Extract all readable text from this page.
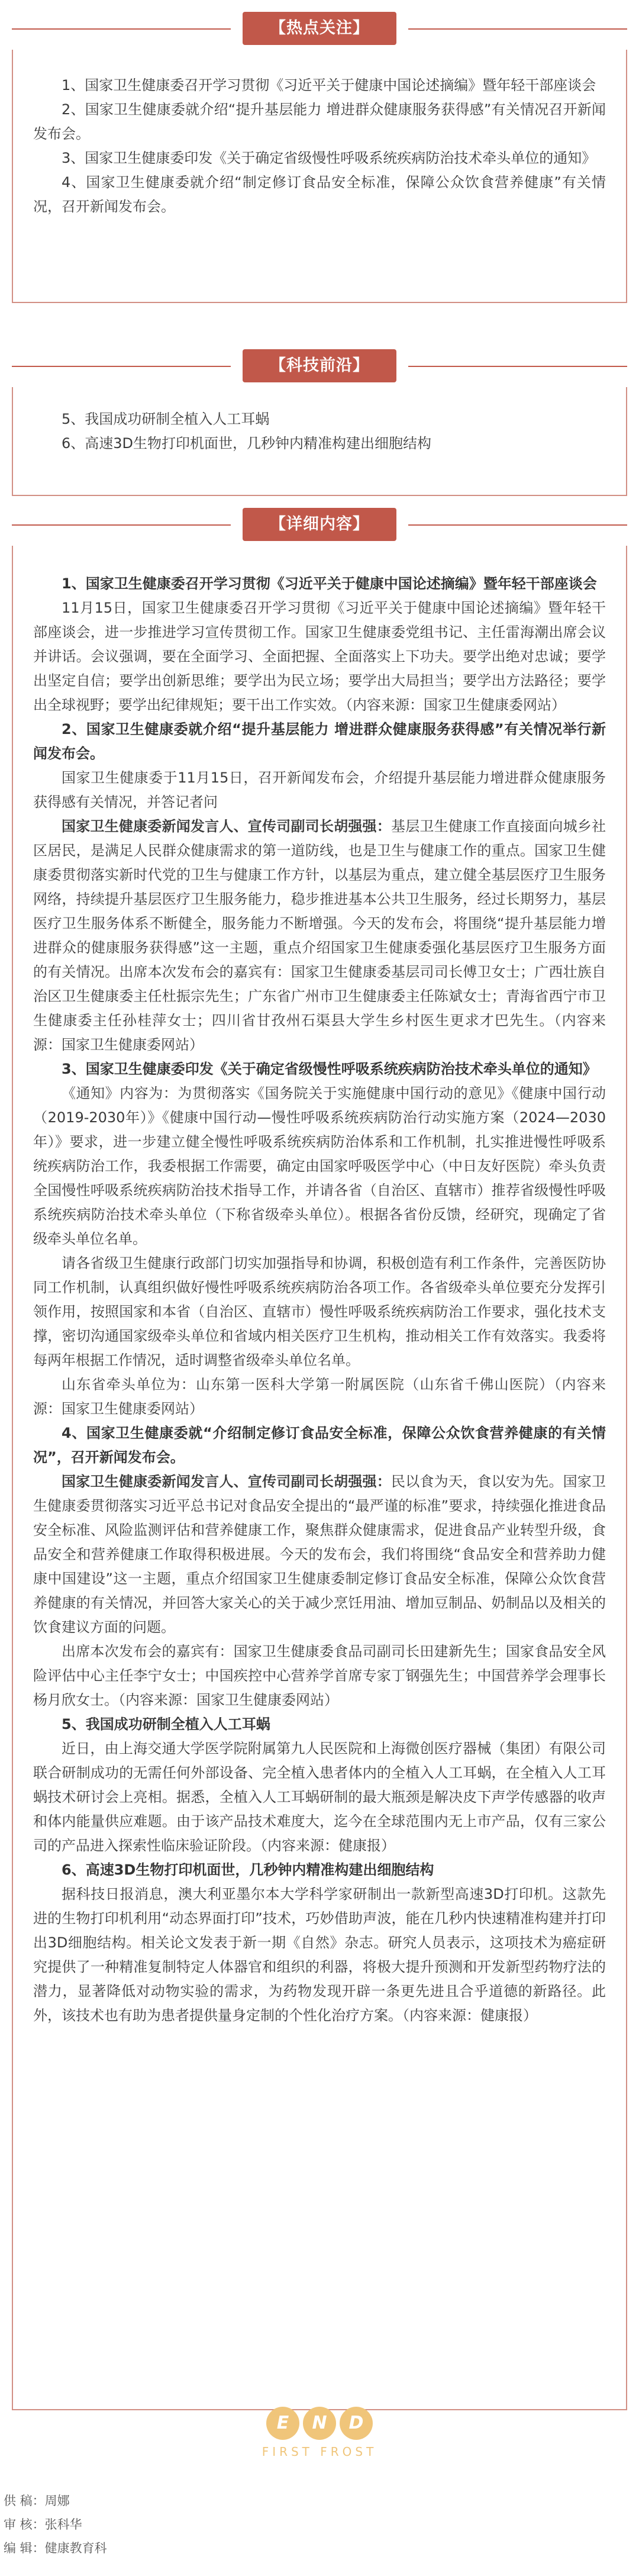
【热点关注】

1、国家卫生健康委召开学习贯彻《习近平关于健康中国论述摘编》暨年轻干部座谈会

2、国家卫生健康委就介绍“提升基层能力 增进群众健康服务获得感”有关情况召开新闻发布会。

3、国家卫生健康委印发《关于确定省级慢性呼吸系统疾病防治技术牵头单位的通知》

4、国家卫生健康委就介绍“制定修订食品安全标准，保障公众饮食营养健康”有关情况，召开新闻发布会。

【科技前沿】

5、我国成功研制全植入人工耳蜗

6、高速3D生物打印机面世，几秒钟内精准构建出细胞结构

【详细内容】

1、国家卫生健康委召开学习贯彻《习近平关于健康中国论述摘编》暨年轻干部座谈会

11月15日，国家卫生健康委召开学习贯彻《习近平关于健康中国论述摘编》暨年轻干部座谈会，进一步推进学习宣传贯彻工作。国家卫生健康委党组书记、主任雷海潮出席会议并讲话。会议强调，要在全面学习、全面把握、全面落实上下功夫。要学出绝对忠诚；要学出坚定自信；要学出创新思维；要学出为民立场；要学出大局担当；要学出方法路径；要学出全球视野；要学出纪律规矩；要干出工作实效。（内容来源：国家卫生健康委网站）

2、国家卫生健康委就介绍“提升基层能力 增进群众健康服务获得感”有关情况举行新闻发布会。

国家卫生健康委于11月15日，召开新闻发布会，介绍提升基层能力增进群众健康服务获得感有关情况，并答记者问

国家卫生健康委新闻发言人、宣传司副司长胡强强：基层卫生健康工作直接面向城乡社区居民，是满足人民群众健康需求的第一道防线，也是卫生与健康工作的重点。国家卫生健康委贯彻落实新时代党的卫生与健康工作方针，以基层为重点，建立健全基层医疗卫生服务网络，持续提升基层医疗卫生服务能力，稳步推进基本公共卫生服务，经过长期努力，基层医疗卫生服务体系不断健全，服务能力不断增强。今天的发布会，将围绕“提升基层能力增进群众的健康服务获得感”这一主题，重点介绍国家卫生健康委强化基层医疗卫生服务方面的有关情况。出席本次发布会的嘉宾有：国家卫生健康委基层司司长傅卫女士；广西壮族自治区卫生健康委主任杜振宗先生；广东省广州市卫生健康委主任陈斌女士；青海省西宁市卫生健康委主任孙桂萍女士；四川省甘孜州石渠县大学生乡村医生更求才巴先生。（内容来源：国家卫生健康委网站）

3、国家卫生健康委印发《关于确定省级慢性呼吸系统疾病防治技术牵头单位的通知》

《通知》内容为：为贯彻落实《国务院关于实施健康中国行动的意见》《健康中国行动（2019-2030年）》《健康中国行动—慢性呼吸系统疾病防治行动实施方案（2024—2030年）》要求，进一步建立健全慢性呼吸系统疾病防治体系和工作机制，扎实推进慢性呼吸系统疾病防治工作，我委根据工作需要，确定由国家呼吸医学中心（中日友好医院）牵头负责全国慢性呼吸系统疾病防治技术指导工作，并请各省（自治区、直辖市）推荐省级慢性呼吸系统疾病防治技术牵头单位（下称省级牵头单位）。根据各省份反馈，经研究，现确定了省级牵头单位名单。

请各省级卫生健康行政部门切实加强指导和协调，积极创造有利工作条件，完善医防协同工作机制，认真组织做好慢性呼吸系统疾病防治各项工作。各省级牵头单位要充分发挥引领作用，按照国家和本省（自治区、直辖市）慢性呼吸系统疾病防治工作要求，强化技术支撑，密切沟通国家级牵头单位和省域内相关医疗卫生机构，推动相关工作有效落实。我委将每两年根据工作情况，适时调整省级牵头单位名单。

山东省牵头单位为：山东第一医科大学第一附属医院（山东省千佛山医院）（内容来源：国家卫生健康委网站）

4、国家卫生健康委就“介绍制定修订食品安全标准，保障公众饮食营养健康的有关情况”，召开新闻发布会。

国家卫生健康委新闻发言人、宣传司副司长胡强强：民以食为天，食以安为先。国家卫生健康委贯彻落实习近平总书记对食品安全提出的“最严谨的标准”要求，持续强化推进食品安全标准、风险监测评估和营养健康工作，聚焦群众健康需求，促进食品产业转型升级，食品安全和营养健康工作取得积极进展。今天的发布会，我们将围绕“食品安全和营养助力健康中国建设”这一主题，重点介绍国家卫生健康委制定修订食品安全标准，保障公众饮食营养健康的有关情况，并回答大家关心的关于减少烹饪用油、增加豆制品、奶制品以及相关的饮食建议方面的问题。

出席本次发布会的嘉宾有：国家卫生健康委食品司副司长田建新先生；国家食品安全风险评估中心主任李宁女士；中国疾控中心营养学首席专家丁钢强先生；中国营养学会理事长杨月欣女士。（内容来源：国家卫生健康委网站）

5、我国成功研制全植入人工耳蜗

近日，由上海交通大学医学院附属第九人民医院和上海微创医疗器械（集团）有限公司联合研制成功的无需任何外部设备、完全植入患者体内的全植入人工耳蜗，在全植入人工耳蜗技术研讨会上亮相。据悉，全植入人工耳蜗研制的最大瓶颈是解决皮下声学传感器的收声和体内能量供应难题。由于该产品技术难度大，迄今在全球范围内无上市产品，仅有三家公司的产品进入探索性临床验证阶段。（内容来源：健康报）

6、高速3D生物打印机面世，几秒钟内精准构建出细胞结构

据科技日报消息，澳大利亚墨尔本大学科学家研制出一款新型高速3D打印机。这款先进的生物打印机利用“动态界面打印”技术，巧妙借助声波，能在几秒内快速精准构建并打印出3D细胞结构。相关论文发表于新一期《自然》杂志。研究人员表示，这项技术为癌症研究提供了一种精准复制特定人体器官和组织的利器，将极大提升预测和开发新型药物疗法的潜力，显著降低对动物实验的需求，为药物发现开辟一条更先进且合乎道德的新路径。此外，该技术也有助为患者提供量身定制的个性化治疗方案。（内容来源：健康报）

E	N	D
FIRST FROST
供 稿：周娜
审 核：张科华
编 辑：健康教育科
